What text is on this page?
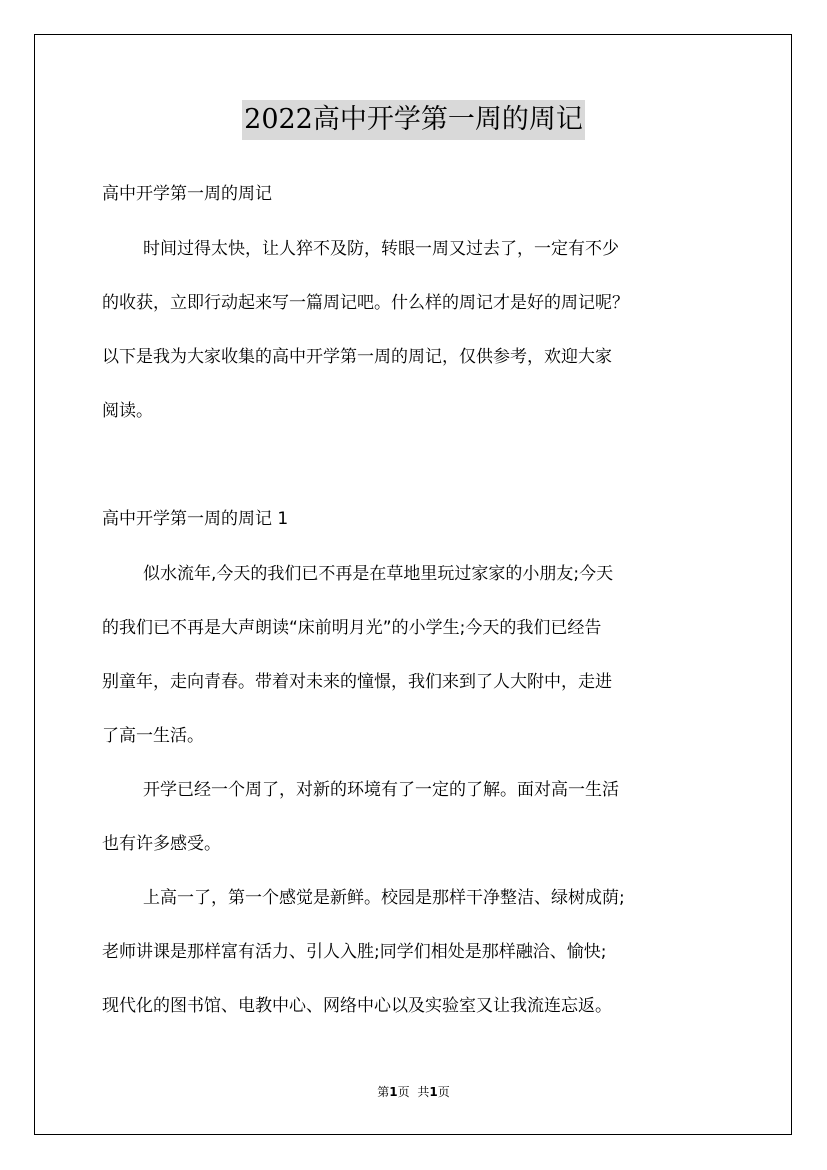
2022高中开学第一周的周记
高中开学第一周的周记
时间过得太快，让人猝不及防，转眼一周又过去了，一定有不少
的收获，立即行动起来写一篇周记吧。什么样的周记才是好的周记呢？
以下是我为大家收集的高中开学第一周的周记，仅供参考，欢迎大家
阅读。
高中开学第一周的周记 1
似水流年,今天的我们已不再是在草地里玩过家家的小朋友;今天
的我们已不再是大声朗读“床前明月光”的小学生;今天的我们已经告
别童年，走向青春。带着对未来的憧憬，我们来到了人大附中，走进
了高一生活。
开学已经一个周了，对新的环境有了一定的了解。面对高一生活
也有许多感受。
上高一了，第一个感觉是新鲜。校园是那样干净整洁、绿树成荫;
老师讲课是那样富有活力、引人入胜;同学们相处是那样融洽、愉快;
现代化的图书馆、电教中心、网络中心以及实验室又让我流连忘返。
第1页 共1页
